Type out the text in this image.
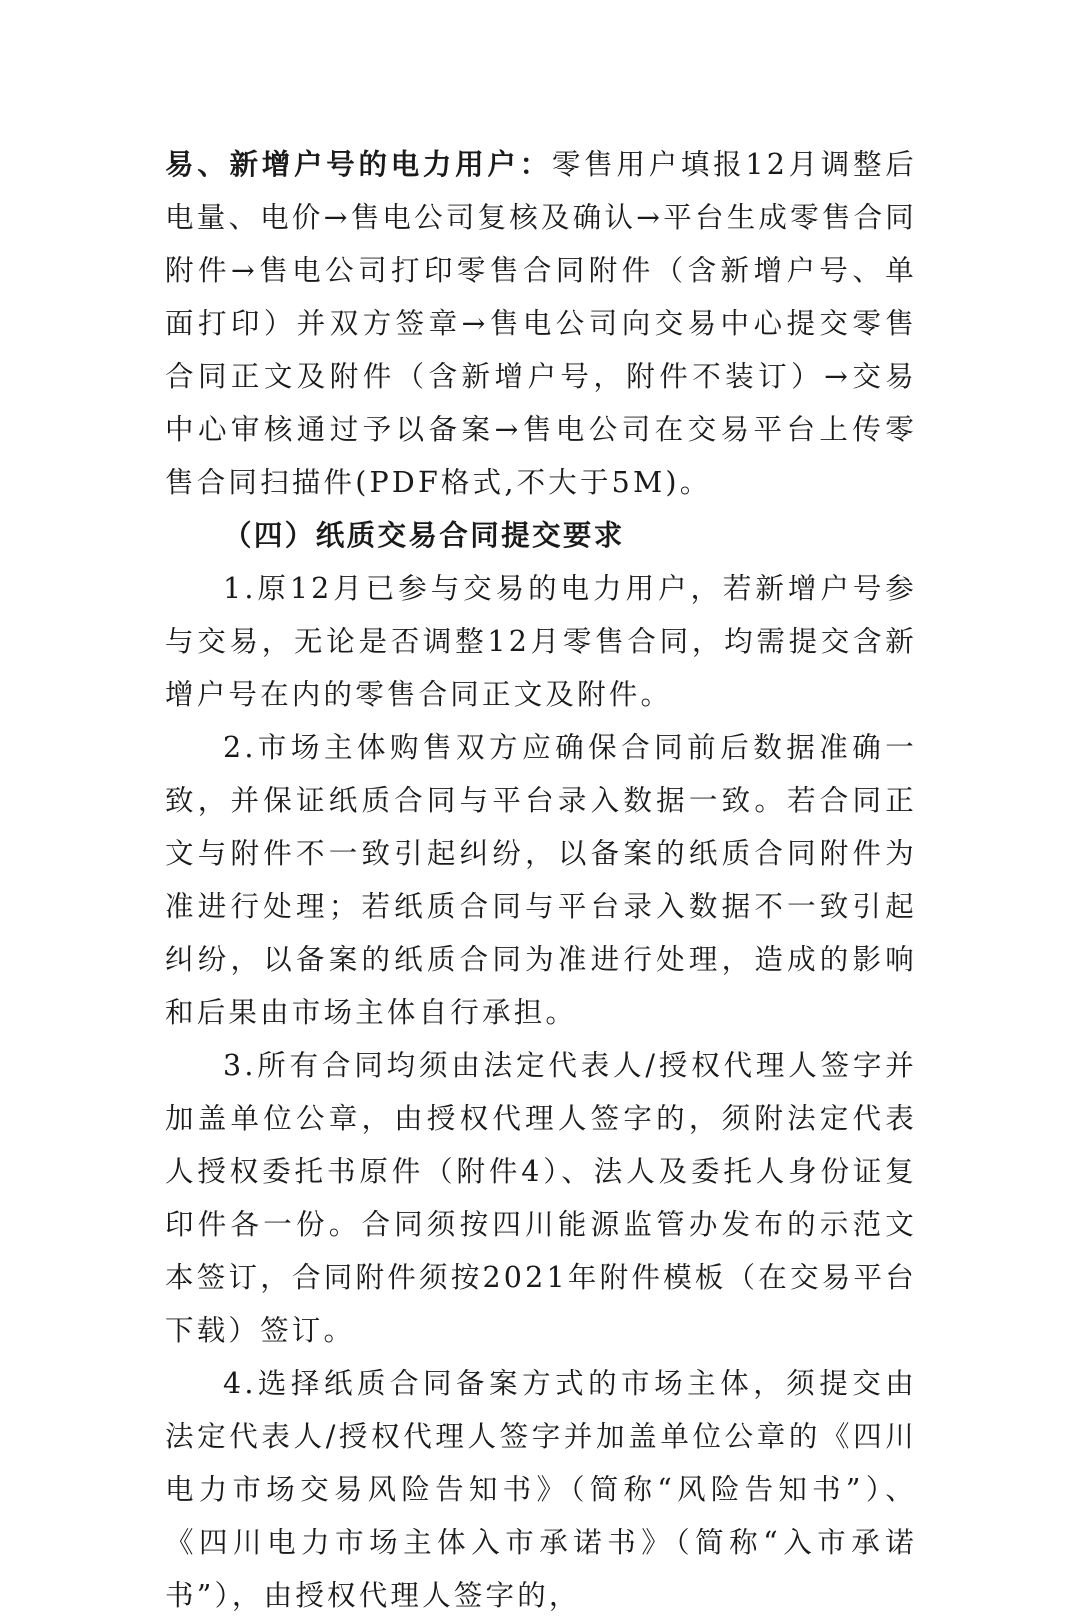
易、新增户号的电力用户：零售用户填报12月调整后电量、电价→售电公司复核及确认→平台生成零售合同附件→售电公司打印零售合同附件（含新增户号、单面打印）并双方签章→售电公司向交易中心提交零售合同正文及附件（含新增户号，附件不装订）→交易中心审核通过予以备案→售电公司在交易平台上传零售合同扫描件(PDF格式,不大于5M)。

（四）纸质交易合同提交要求

1.原12月已参与交易的电力用户，若新增户号参与交易，无论是否调整12月零售合同，均需提交含新增户号在内的零售合同正文及附件。

2.市场主体购售双方应确保合同前后数据准确一致，并保证纸质合同与平台录入数据一致。若合同正文与附件不一致引起纠纷，以备案的纸质合同附件为准进行处理；若纸质合同与平台录入数据不一致引起纠纷，以备案的纸质合同为准进行处理，造成的影响和后果由市场主体自行承担。

3.所有合同均须由法定代表人/授权代理人签字并加盖单位公章，由授权代理人签字的，须附法定代表人授权委托书原件（附件4）、法人及委托人身份证复印件各一份。合同须按四川能源监管办发布的示范文本签订，合同附件须按2021年附件模板（在交易平台下载）签订。

4.选择纸质合同备案方式的市场主体，须提交由法定代表人/授权代理人签字并加盖单位公章的《四川电力市场交易风险告知书》（简称“风险告知书”）、《四川电力市场主体入市承诺书》（简称“入市承诺书”），由授权代理人签字的，
